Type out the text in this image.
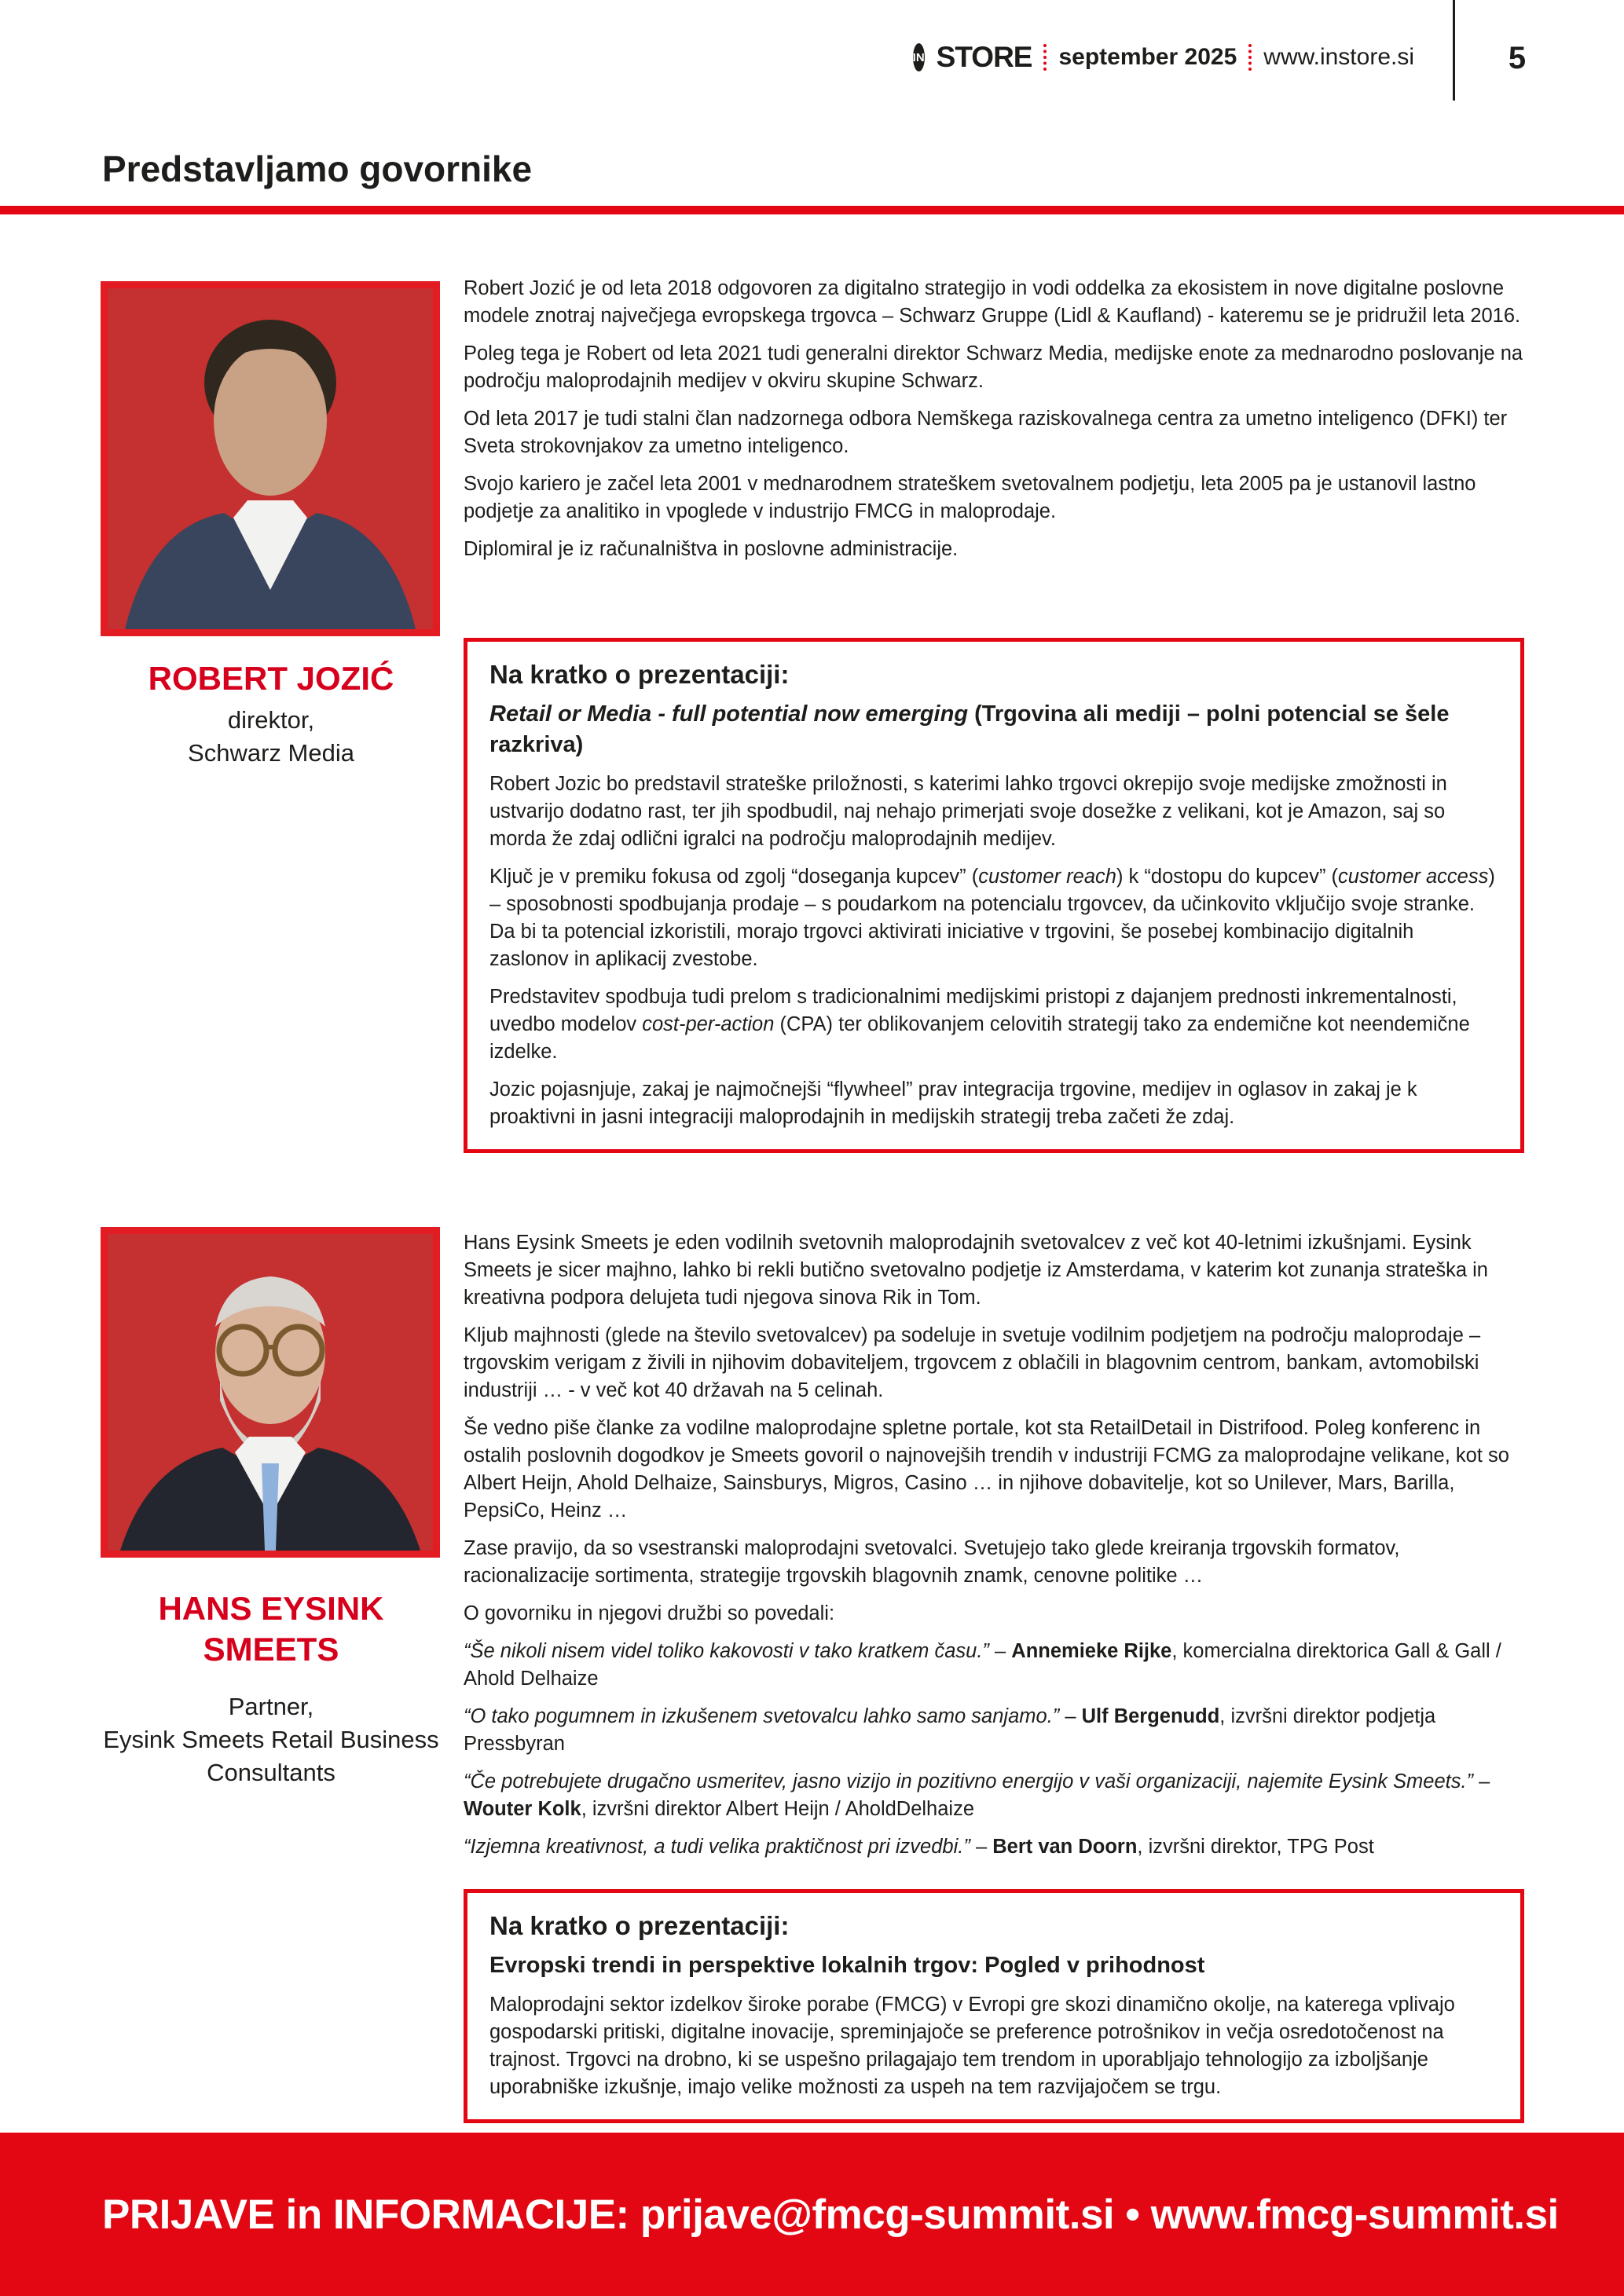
IN STORE september 2025 www.instore.si	5
Predstavljamo govornike
ROBERT JOZIĆ
direktor,
Schwarz Media

Robert Jozić je od leta 2018 odgovoren za digitalno strategijo in vodi oddelka za ekosistem in nove digitalne poslovne modele znotraj največjega evropskega trgovca – Schwarz Gruppe (Lidl & Kaufland) - kateremu se je pridružil leta 2016.

Poleg tega je Robert od leta 2021 tudi generalni direktor Schwarz Media, medijske enote za mednarodno poslovanje na področju maloprodajnih medijev v okviru skupine Schwarz.

Od leta 2017 je tudi stalni član nadzornega odbora Nemškega raziskovalnega centra za umetno inteligenco (DFKI) ter Sveta strokovnjakov za umetno inteligenco.

Svojo kariero je začel leta 2001 v mednarodnem strateškem svetovalnem podjetju, leta 2005 pa je ustanovil lastno podjetje za analitiko in vpoglede v industrijo FMCG in maloprodaje.

Diplomiral je iz računalništva in poslovne administracije.

Na kratko o prezentaciji:
Retail or Media - full potential now emerging (Trgovina ali mediji – polni potencial se šele razkriva)

Robert Jozic bo predstavil strateške priložnosti, s katerimi lahko trgovci okrepijo svoje medijske zmožnosti in ustvarijo dodatno rast, ter jih spodbudil, naj nehajo primerjati svoje dosežke z velikani, kot je Amazon, saj so morda že zdaj odlični igralci na področju maloprodajnih medijev.

Ključ je v premiku fokusa od zgolj “doseganja kupcev” (customer reach) k “dostopu do kupcev” (customer access) – sposobnosti spodbujanja prodaje – s poudarkom na potencialu trgovcev, da učinkovito vključijo svoje stranke. Da bi ta potencial izkoristili, morajo trgovci aktivirati iniciative v trgovini, še posebej kombinacijo digitalnih zaslonov in aplikacij zvestobe.

Predstavitev spodbuja tudi prelom s tradicionalnimi medijskimi pristopi z dajanjem prednosti inkrementalnosti, uvedbo modelov cost-per-action (CPA) ter oblikovanjem celovitih strategij tako za endemične kot neendemične izdelke.

Jozic pojasnjuje, zakaj je najmočnejši “flywheel” prav integracija trgovine, medijev in oglasov in zakaj je k proaktivni in jasni integraciji maloprodajnih in medijskih strategij treba začeti že zdaj.

HANS EYSINK
SMEETS
Partner,
Eysink Smeets Retail Business Consultants

Hans Eysink Smeets je eden vodilnih svetovnih maloprodajnih svetovalcev z več kot 40-letnimi izkušnjami. Eysink Smeets je sicer majhno, lahko bi rekli butično svetovalno podjetje iz Amsterdama, v katerim kot zunanja strateška in kreativna podpora delujeta tudi njegova sinova Rik in Tom.

Kljub majhnosti (glede na število svetovalcev) pa sodeluje in svetuje vodilnim podjetjem na področju maloprodaje – trgovskim verigam z živili in njihovim dobaviteljem, trgovcem z oblačili in blagovnim centrom, bankam, avtomobilski industriji … - v več kot 40 državah na 5 celinah.

Še vedno piše članke za vodilne maloprodajne spletne portale, kot sta RetailDetail in Distrifood. Poleg konferenc in ostalih poslovnih dogodkov je Smeets govoril o najnovejših trendih v industriji FCMG za maloprodajne velikane, kot so Albert Heijn, Ahold Delhaize, Sainsburys, Migros, Casino … in njihove dobavitelje, kot so Unilever, Mars, Barilla, PepsiCo, Heinz …

Zase pravijo, da so vsestranski maloprodajni svetovalci. Svetujejo tako glede kreiranja trgovskih formatov, racionalizacije sortimenta, strategije trgovskih blagovnih znamk, cenovne politike …

O govorniku in njegovi družbi so povedali:

“Še nikoli nisem videl toliko kakovosti v tako kratkem času.” – Annemieke Rijke, komercialna direktorica Gall & Gall / Ahold Delhaize

“O tako pogumnem in izkušenem svetovalcu lahko samo sanjamo.” – Ulf Bergenudd, izvršni direktor podjetja Pressbyran

“Če potrebujete drugačno usmeritev, jasno vizijo in pozitivno energijo v vaši organizaciji, najemite Eysink Smeets.” – Wouter Kolk, izvršni direktor Albert Heijn / AholdDelhaize

“Izjemna kreativnost, a tudi velika praktičnost pri izvedbi.” – Bert van Doorn, izvršni direktor, TPG Post

Na kratko o prezentaciji:
Evropski trendi in perspektive lokalnih trgov: Pogled v prihodnost

Maloprodajni sektor izdelkov široke porabe (FMCG) v Evropi gre skozi dinamično okolje, na katerega vplivajo gospodarski pritiski, digitalne inovacije, spreminjajoče se preference potrošnikov in večja osredotočenost na trajnost. Trgovci na drobno, ki se uspešno prilagajajo tem trendom in uporabljajo tehnologijo za izboljšanje uporabniške izkušnje, imajo velike možnosti za uspeh na tem razvijajočem se trgu.

PRIJAVE in INFORMACIJE: prijave@fmcg-summit.si • www.fmcg-summit.si
